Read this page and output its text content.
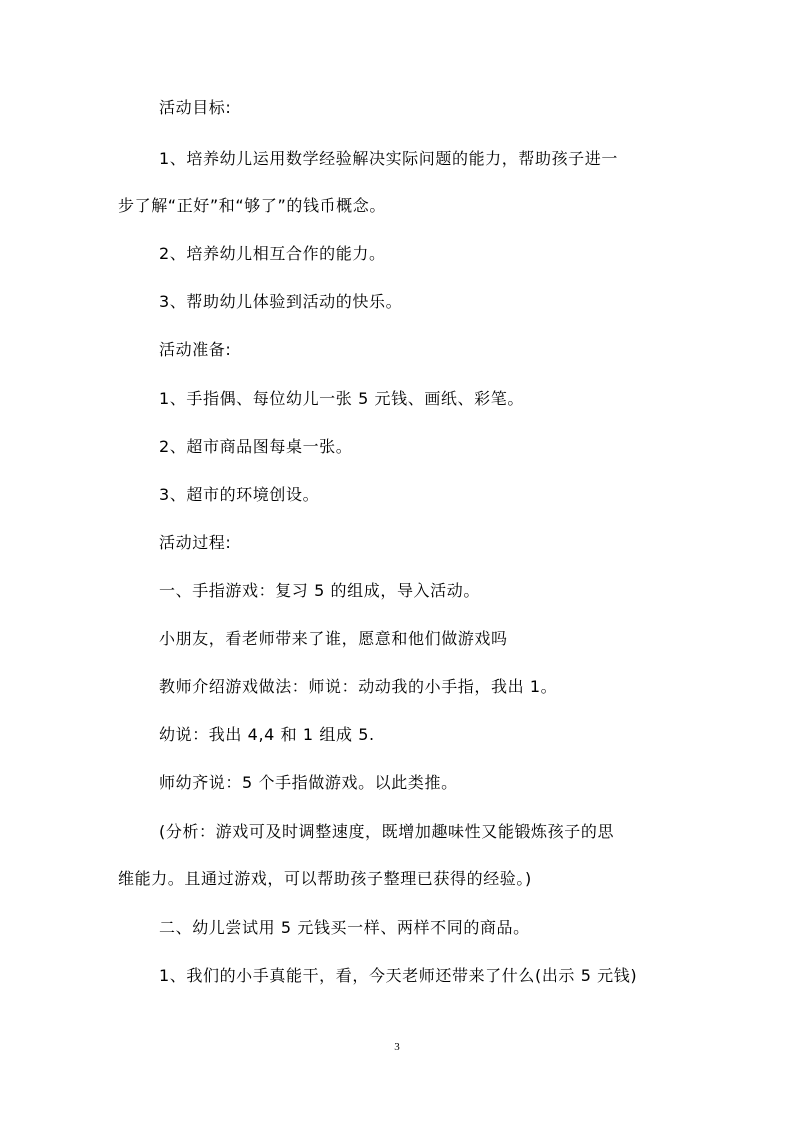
活动目标:
1、培养幼儿运用数学经验解决实际问题的能力，帮助孩子进一
步了解“正好”和“够了”的钱币概念。
2、培养幼儿相互合作的能力。
3、帮助幼儿体验到活动的快乐。
活动准备:
1、手指偶、每位幼儿一张 5 元钱、画纸、彩笔。
2、超市商品图每桌一张。
3、超市的环境创设。
活动过程:
一、手指游戏：复习 5 的组成，导入活动。
小朋友，看老师带来了谁，愿意和他们做游戏吗
教师介绍游戏做法：师说：动动我的小手指，我出 1。
幼说：我出 4,4 和 1 组成 5.
师幼齐说：5 个手指做游戏。以此类推。
(分析：游戏可及时调整速度，既增加趣味性又能锻炼孩子的思
维能力。且通过游戏，可以帮助孩子整理已获得的经验。)
二、幼儿尝试用 5 元钱买一样、两样不同的商品。
1、我们的小手真能干，看，今天老师还带来了什么(出示 5 元钱)
3
